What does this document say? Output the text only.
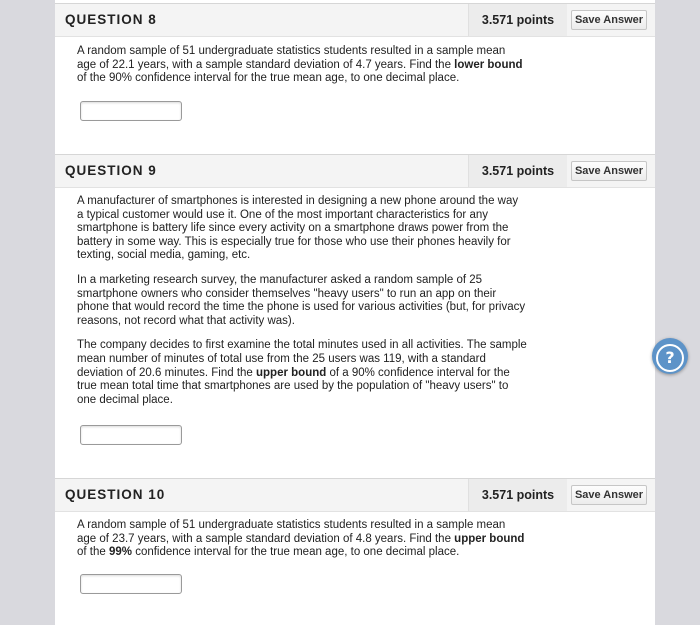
QUESTION 8	3.571 points	Save Answer

A random sample of 51 undergraduate statistics students resulted in a sample mean age of 22.1 years, with a sample standard deviation of 4.7 years. Find the lower bound of the 90% confidence interval for the true mean age, to one decimal place.

QUESTION 9	3.571 points	Save Answer

A manufacturer of smartphones is interested in designing a new phone around the way a typical customer would use it. One of the most important characteristics for any smartphone is battery life since every activity on a smartphone draws power from the battery in some way. This is especially true for those who use their phones heavily for texting, social media, gaming, etc.

In a marketing research survey, the manufacturer asked a random sample of 25 smartphone owners who consider themselves "heavy users" to run an app on their phone that would record the time the phone is used for various activities (but, for privacy reasons, not record what that activity was).

The company decides to first examine the total minutes used in all activities. The sample mean number of minutes of total use from the 25 users was 119, with a standard deviation of 20.6 minutes. Find the upper bound of a 90% confidence interval for the true mean total time that smartphones are used by the population of "heavy users" to one decimal place.

QUESTION 10	3.571 points	Save Answer

A random sample of 51 undergraduate statistics students resulted in a sample mean age of 23.7 years, with a sample standard deviation of 4.8 years. Find the upper bound of the 99% confidence interval for the true mean age, to one decimal place.

?
